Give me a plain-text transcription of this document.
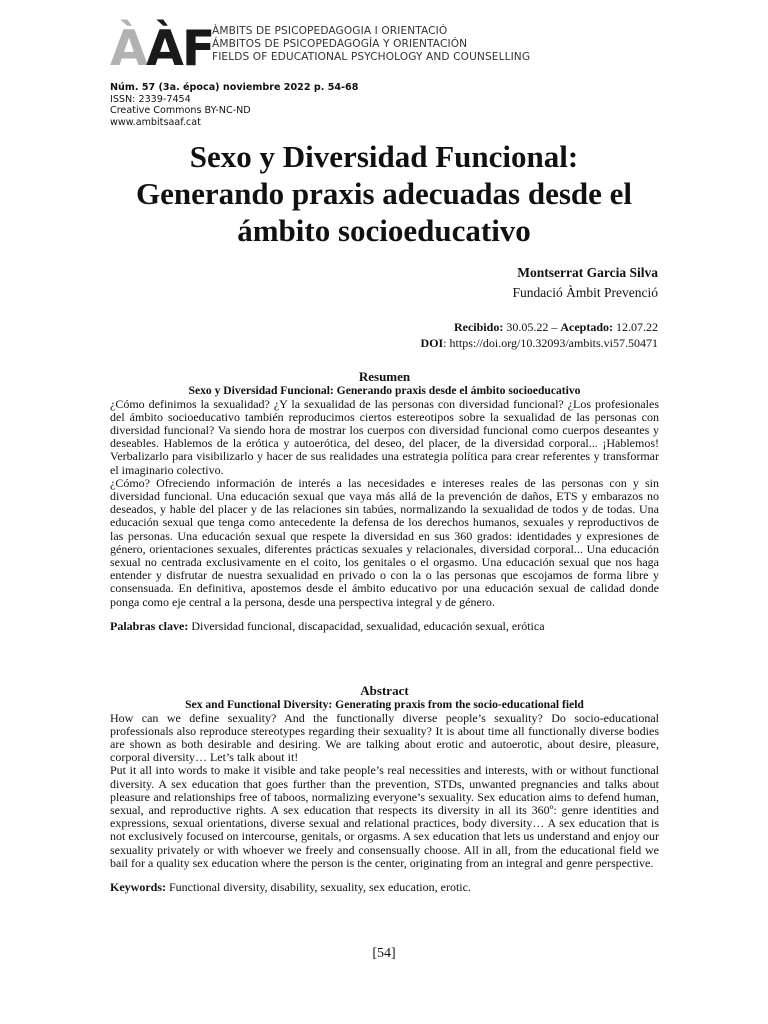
ÀÀF
ÀMBITS DE PSICOPEDAGOGIA I ORIENTACIÓ
ÁMBITOS DE PSICOPEDAGOGÍA Y ORIENTACIÓN
FIELDS OF EDUCATIONAL PSYCHOLOGY AND COUNSELLING
Núm. 57 (3a. época) noviembre 2022 p. 54-68
ISSN: 2339-7454
Creative Commons BY-NC-ND
www.ambitsaaf.cat
Sexo y Diversidad Funcional:
Generando praxis adecuadas desde el
ámbito socioeducativo
Montserrat Garcia Silva
Fundació Àmbit Prevenció
Recibido: 30.05.22 – Aceptado: 12.07.22
DOI: https://doi.org/10.32093/ambits.vi57.50471
Resumen
Sexo y Diversidad Funcional: Generando praxis desde el ámbito socioeducativo

¿Cómo definimos la sexualidad? ¿Y la sexualidad de las personas con diversidad funcional? ¿Los profesionales del ámbito socioeducativo también reproducimos ciertos estereotipos sobre la sexualidad de las personas con diversidad funcional? Va siendo hora de mostrar los cuerpos con diversidad funcional como cuerpos deseantes y deseables. Hablemos de la erótica y autoerótica, del deseo, del placer, de la diversidad corporal... ¡Hablemos! Verbalizarlo para visibilizarlo y hacer de sus realidades una estrategia política para crear referentes y transformar el imaginario colectivo.

¿Cómo? Ofreciendo información de interés a las necesidades e intereses reales de las personas con y sin diversidad funcional. Una educación sexual que vaya más allá de la prevención de daños, ETS y embarazos no deseados, y hable del placer y de las relaciones sin tabúes, normalizando la sexualidad de todos y de todas. Una educación sexual que tenga como antecedente la defensa de los derechos humanos, sexuales y reproductivos de las personas. Una educación sexual que respete la diversidad en sus 360 grados: identidades y expresiones de género, orientaciones sexuales, diferentes prácticas sexuales y relacionales, diversidad corporal... Una educación sexual no centrada exclusivamente en el coito, los genitales o el orgasmo. Una educación sexual que nos haga entender y disfrutar de nuestra sexualidad en privado o con la o las personas que escojamos de forma libre y consensuada. En definitiva, apostemos desde el ámbito educativo por una educación sexual de calidad donde ponga como eje central a la persona, desde una perspectiva integral y de género.

Palabras clave: Diversidad funcional, discapacidad, sexualidad, educación sexual, erótica
Abstract
Sex and Functional Diversity: Generating praxis from the socio-educational field

How can we define sexuality? And the functionally diverse people’s sexuality? Do socio-educational professionals also reproduce stereotypes regarding their sexuality? It is about time all functionally diverse bodies are shown as both desirable and desiring. We are talking about erotic and autoerotic, about desire, pleasure, corporal diversity… Let’s talk about it!

Put it all into words to make it visible and take people’s real necessities and interests, with or without functional diversity. A sex education that goes further than the prevention, STDs, unwanted pregnancies and talks about pleasure and relationships free of taboos, normalizing everyone’s sexuality. Sex education aims to defend human, sexual, and reproductive rights. A sex education that respects its diversity in all its 360º: genre identities and expressions, sexual orientations, diverse sexual and relational practices, body diversity… A sex education that is not exclusively focused on intercourse, genitals, or orgasms. A sex education that lets us understand and enjoy our sexuality privately or with whoever we freely and consensually choose. All in all, from the educational field we bail for a quality sex education where the person is the center, originating from an integral and genre perspective.

Keywords: Functional diversity, disability, sexuality, sex education, erotic.
[54]
